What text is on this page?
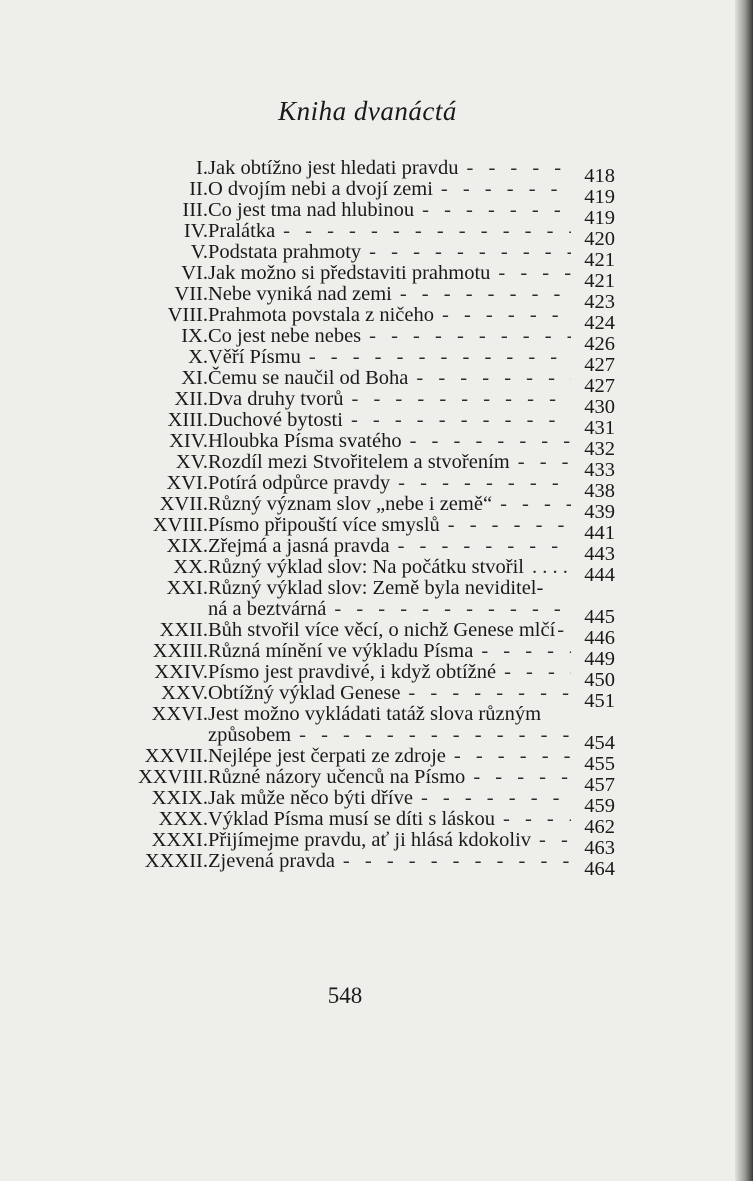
Kniha dvanáctá
I. Jak obtížno jest hledati pravdu - - -	418
II. O dvojím nebi a dvojí zemi - - -	419
III. Co jest tma nad hlubinou - - -	419
IV. Pralátka - - -	420
V. Podstata prahmoty - - -	421
VI. Jak možno si představiti prahmotu - - -	421
VII. Nebe vyniká nad zemi - - -	423
VIII. Prahmota povstala z ničeho - - -	424
IX. Co jest nebe nebes - - -	426
X. Věří Písmu - - -	427
XI. Čemu se naučil od Boha - - -	427
XII. Dva druhy tvorů - - -	430
XIII. Duchové bytosti - - -	431
XIV. Hloubka Písma svatého - - -	432
XV. Rozdíl mezi Stvořitelem a stvořením - - -	433
XVI. Potírá odpůrce pravdy - - -	438
XVII. Různý význam slov „nebe i země“ - - -	439
XVIII. Písmo připouští více smyslů - - -	441
XIX. Zřejmá a jasná pravda - - -	443
XX. Různý výklad slov: Na počátku stvořil . . .	444
XXI. Různý výklad slov: Země byla neviditel-
ná a beztvárná - - -	445
XXII. Bůh stvořil více věcí, o nichž Genese mlčí - - -	446
XXIII. Různá mínění ve výkladu Písma - - -	449
XXIV. Písmo jest pravdivé, i když obtížné - - -	450
XXV. Obtížný výklad Genese - - -	451
XXVI. Jest možno vykládati tatáž slova různým
způsobem - - -	454
XXVII. Nejlépe jest čerpati ze zdroje - - -	455
XXVIII. Různé názory učenců na Písmo - - -	457
XXIX. Jak může něco býti dříve - - -	459
XXX. Výklad Písma musí se díti s láskou - - -	462
XXXI. Přijímejme pravdu, ať ji hlásá kdokoliv - - -	463
XXXII. Zjevená pravda - - -	464
548
